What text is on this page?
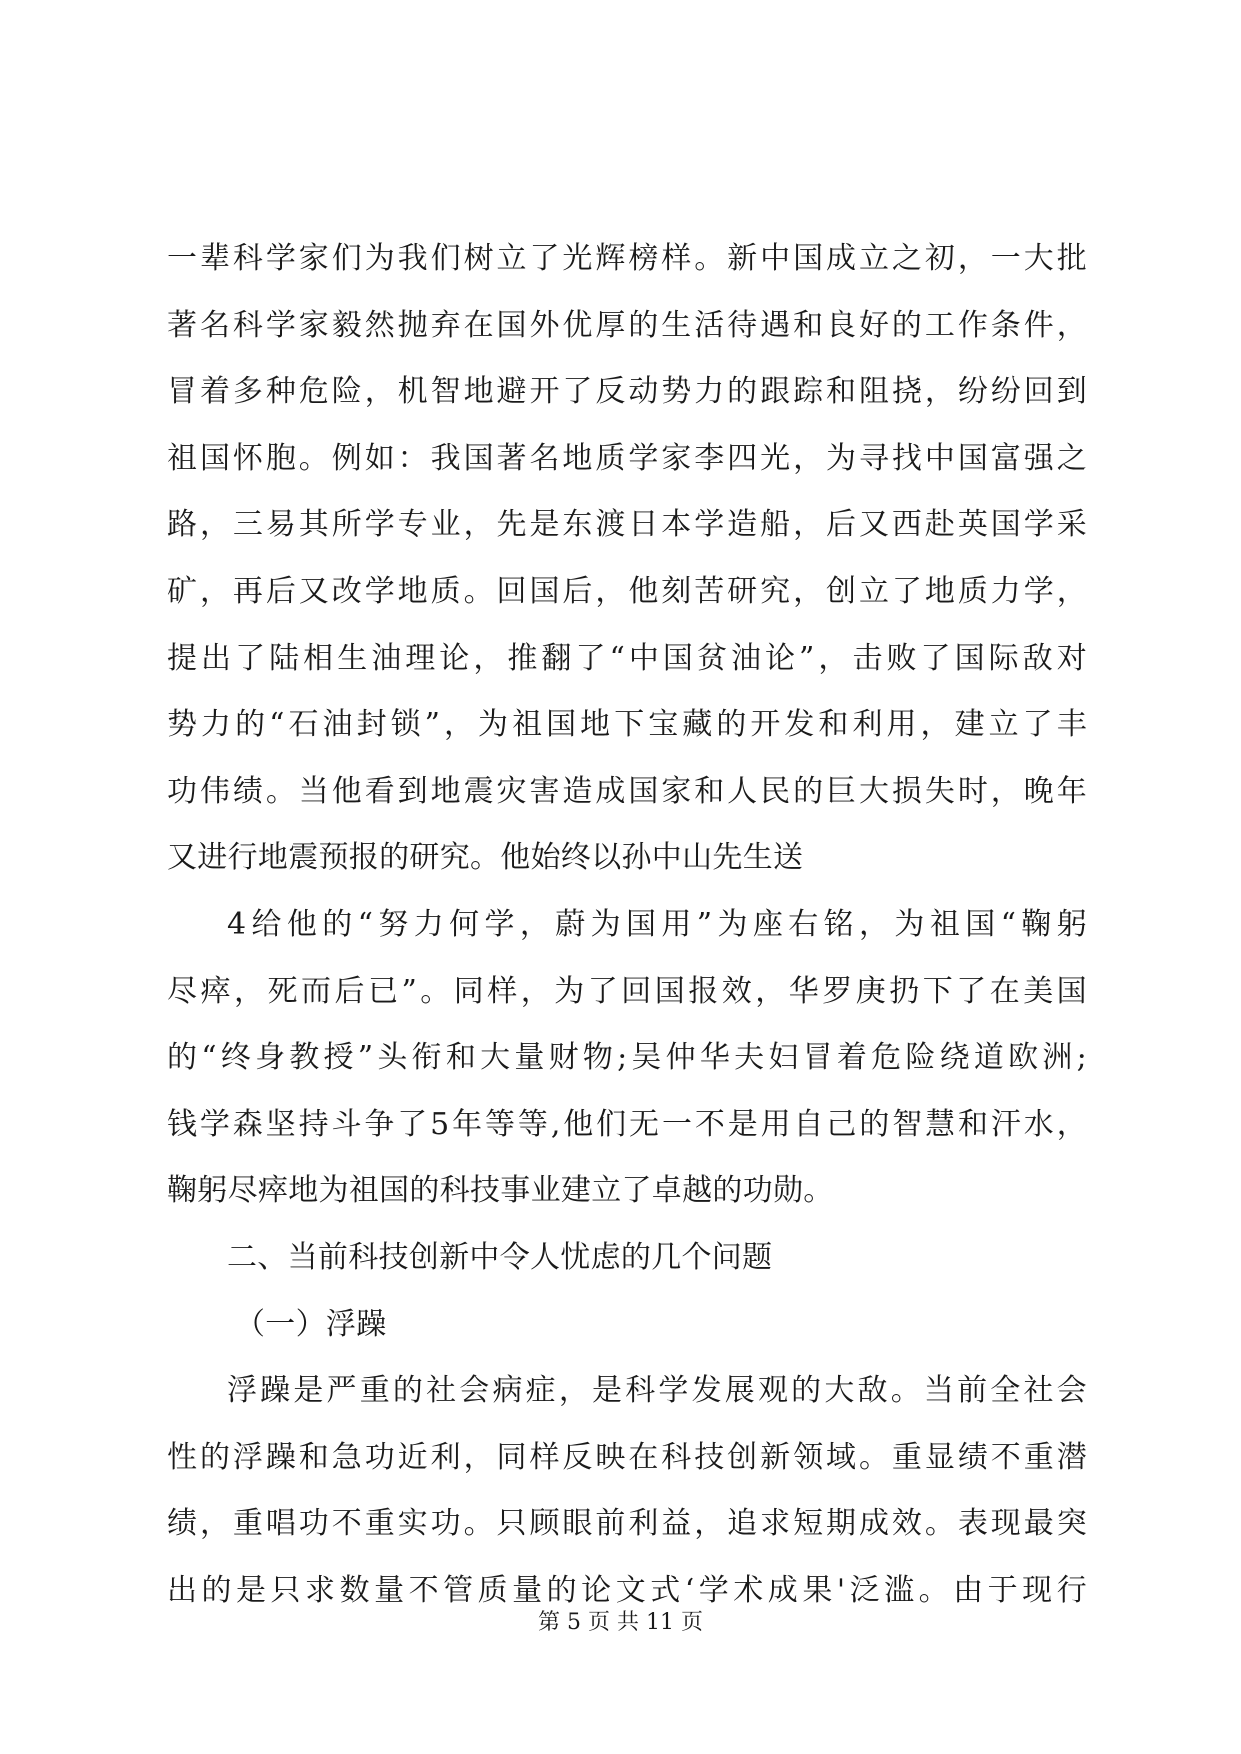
一辈科学家们为我们树立了光辉榜样。新中国成立之初，一大批
著名科学家毅然抛弃在国外优厚的生活待遇和良好的工作条件，
冒着多种危险，机智地避开了反动势力的跟踪和阻挠，纷纷回到
祖国怀胞。例如：我国著名地质学家李四光，为寻找中国富强之
路，三易其所学专业，先是东渡日本学造船，后又西赴英国学采
矿，再后又改学地质。回国后，他刻苦研究，创立了地质力学，
提出了陆相生油理论，推翻了“中国贫油论”，击败了国际敌对
势力的“石油封锁”，为祖国地下宝藏的开发和利用，建立了丰
功伟绩。当他看到地震灾害造成国家和人民的巨大损失时，晚年
又进行地震预报的研究。他始终以孙中山先生送
4给他的“努力何学，蔚为国用”为座右铭，为祖国“鞠躬
尽瘁，死而后已”。同样，为了回国报效，华罗庚扔下了在美国
的“终身教授”头衔和大量财物;吴仲华夫妇冒着危险绕道欧洲;
钱学森坚持斗争了5年等等,他们无一不是用自己的智慧和汗水，
鞠躬尽瘁地为祖国的科技事业建立了卓越的功勋。
二、当前科技创新中令人忧虑的几个问题
（一）浮躁
浮躁是严重的社会病症，是科学发展观的大敌。当前全社会
性的浮躁和急功近利，同样反映在科技创新领域。重显绩不重潜
绩，重唱功不重实功。只顾眼前利益，追求短期成效。表现最突
出的是只求数量不管质量的论文式‘学术成果'泛滥。由于现行
第 5 页 共 11 页
